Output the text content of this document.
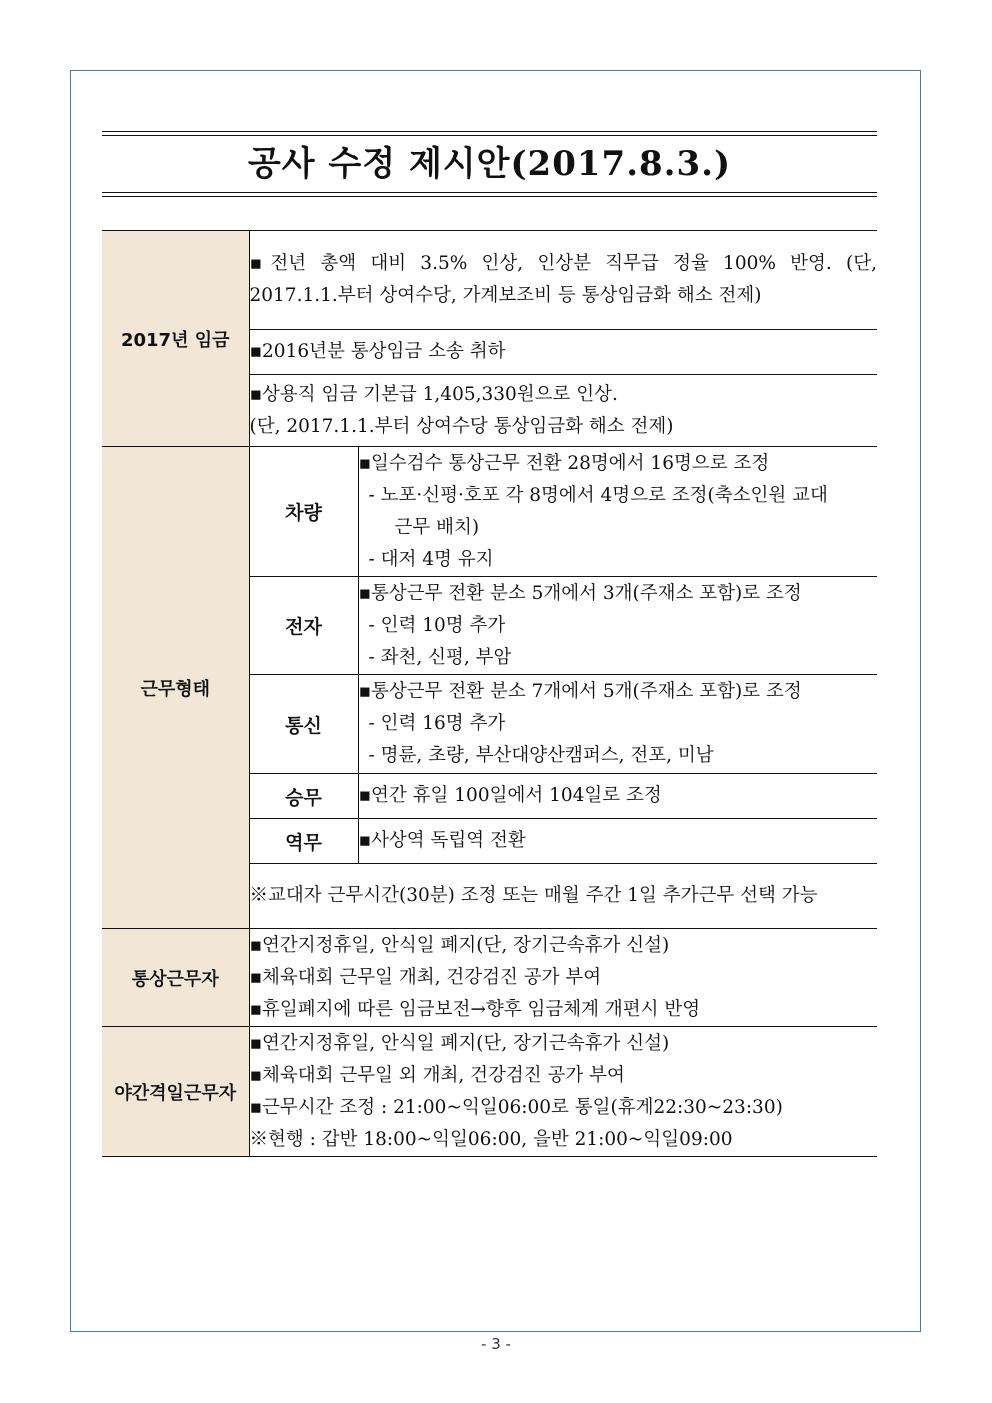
공사 수정 제시안(2017.8.3.)
2017년 임금	▪전년 총액 대비 3.5% 인상, 인상분 직무급 정율 100% 반영. (단, 2017.1.1.부터 상여수당, 가계보조비 등 통상임금화 해소 전제)	
	▪2016년분 통상임금 소송 취하	

	▪상용직 임금 기본급 1,405,330원으로 인상.
(단, 2017.1.1.부터 상여수당 통상임금화 해소 전제)	

근무형태	차량	▪일수검수 통상근무 전환 28명에서 16명으로 조정
- 노포·신평·호포 각 8명에서 4명으로 조정(축소인원 교대
근무 배치)
- 대저 4명 유지

	전자	▪통상근무 전환 분소 5개에서 3개(주재소 포함)로 조정
- 인력 10명 추가
- 좌천, 신평, 부암

	통신	▪통상근무 전환 분소 7개에서 5개(주재소 포함)로 조정
- 인력 16명 추가
- 명륜, 초량, 부산대양산캠퍼스, 전포, 미남

	승무	▪연간 휴일 100일에서 104일로 조정
	역무	▪사상역 독립역 전환
	※교대자 근무시간(30분) 조정 또는 매월 주간 1일 추가근무 선택 가능	
통상근무자	▪연간지정휴일, 안식일 폐지(단, 장기근속휴가 신설)
▪체육대회 근무일 개최, 건강검진 공가 부여
▪휴일폐지에 따른 임금보전→향후 임금체계 개편시 반영	

야간격일근무자	▪연간지정휴일, 안식일 폐지(단, 장기근속휴가 신설)
▪체육대회 근무일 외 개최, 건강검진 공가 부여
▪근무시간 조정 : 21:00~익일06:00로 통일(휴게22:30~23:30)
※현행 : 갑반 18:00~익일06:00, 을반 21:00~익일09:00	
- 3 -
